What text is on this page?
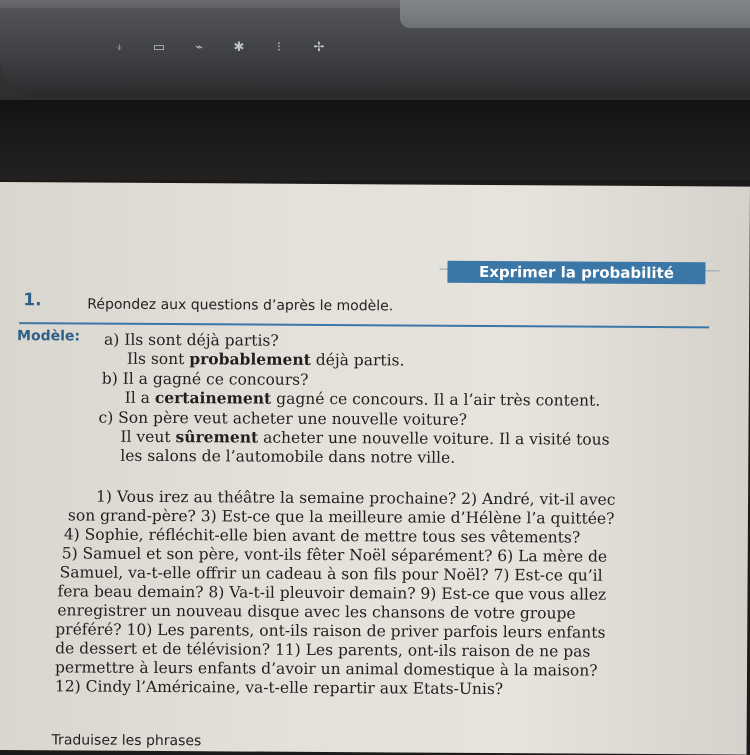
⍖	▭	⌁	✱	⁝	✢
Exprimer la probabilité
1.	Répondez aux questions d’après le modèle.
Modèle: a) Ils sont déjà partis?
Ils sont probablement déjà partis.
b) Il a gagné ce concours?
Il a certainement gagné ce concours. Il a l’air très content.
c) Son père veut acheter une nouvelle voiture?
Il veut sûrement acheter une nouvelle voiture. Il a visité tous
les salons de l’automobile dans notre ville.
1) Vous irez au théâtre la semaine prochaine? 2) André, vit-il avec
son grand-père? 3) Est-ce que la meilleure amie d’Hélène l’a quittée?
4) Sophie, réfléchit-elle bien avant de mettre tous ses vêtements?
5) Samuel et son père, vont-ils fêter Noël séparément? 6) La mère de
Samuel, va-t-elle offrir un cadeau à son fils pour Noël? 7) Est-ce qu’il
fera beau demain? 8) Va-t-il pleuvoir demain? 9) Est-ce que vous allez
enregistrer un nouveau disque avec les chansons de votre groupe
préféré? 10) Les parents, ont-ils raison de priver parfois leurs enfants
de dessert et de télévision? 11) Les parents, ont-ils raison de ne pas
permettre à leurs enfants d’avoir un animal domestique à la maison?
12) Cindy l’Américaine, va-t-elle repartir aux Etats-Unis?
Traduisez les phrases
